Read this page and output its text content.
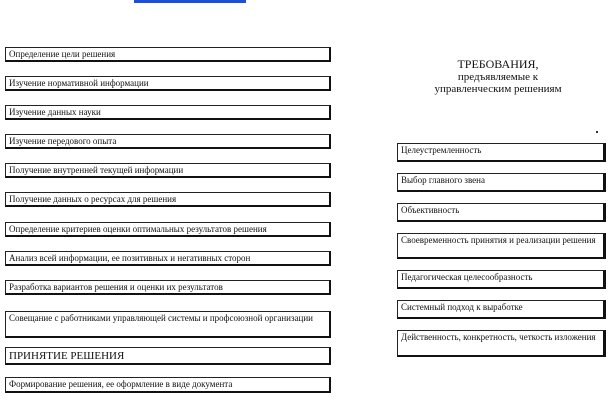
Определение цели решения
Изучение нормативной информации
Изучение данных науки
Изучение передового опыта
Получение внутренней текущей информации
Получение данных о ресурсах для решения
Определение критериев оценки оптимальных результатов решения
Анализ всей информации, ее позитивных и негативных сторон
Разработка вариантов решения и оценки их результатов
Совещание с работниками управляющей системы и профсоюзной организации
ПРИНЯТИЕ РЕШЕНИЯ
Формирование решения, ее оформление в виде документа
ТРЕБОВАНИЯ,
предъявляемые к
управленческим решениям
Целеустремленность
Выбор главного звена
Объективность
Своевременность принятия и реализации решения
Педагогическая целесообразность
Системный подход к выработке
Действенность, конкретность, четкость изложения
